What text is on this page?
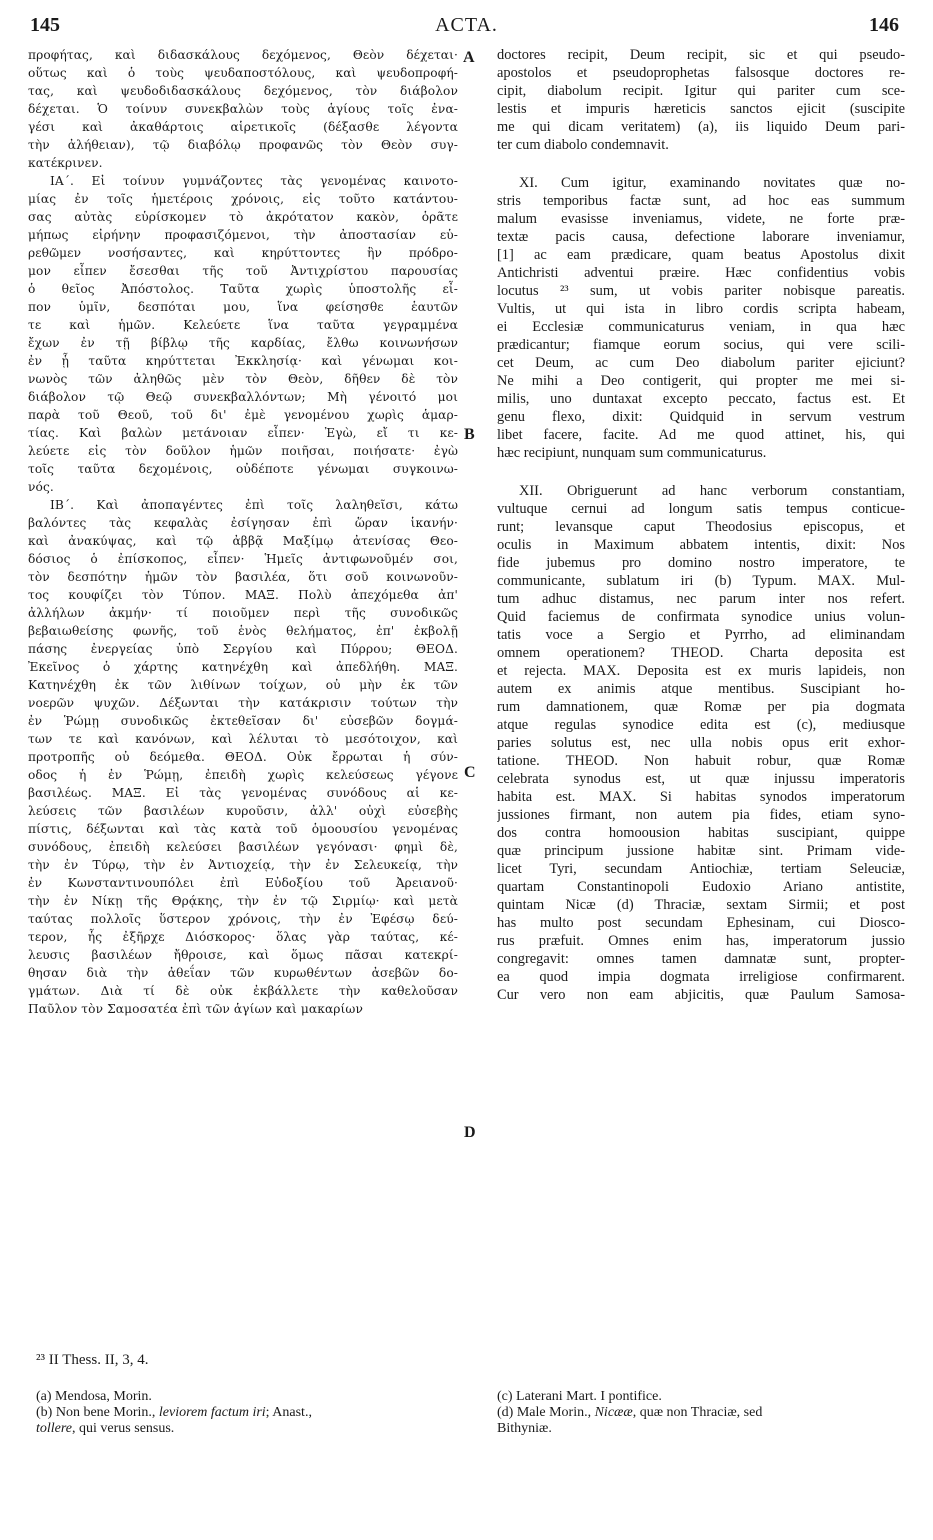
145	ACTA.	146
A
B
C
D
προφήτας, καὶ διδασκάλους δεχόμενος, Θεὸν δέχεται·
οὕτως καὶ ὁ τοὺς ψευδαποστόλους, καὶ ψευδοπροφή-
τας, καὶ ψευδοδιδασκάλους δεχόμενος, τὸν διάβολον
δέχεται. Ὁ τοίνυν συνεκβαλὼν τοὺς ἁγίους τοῖς ἐνα-
γέσι καὶ ἀκαθάρτοις αἱρετικοῖς (δέξασθε λέγοντα
τὴν ἀλήθειαν), τῷ διαβόλῳ προφανῶς τὸν Θεὸν συγ-
κατέκρινεν.
ΙΑ΄. Εἰ τοίνυν γυμνάζοντες τὰς γενομένας καινοτο-
μίας ἐν τοῖς ἡμετέροις χρόνοις, εἰς τοῦτο κατάντου-
σας αὐτὰς εὑρίσκομεν τὸ ἀκρότατον κακὸν, ὁρᾶτε
μήπως εἰρήνην προφασιζόμενοι, τὴν ἀποστασίαν εὑ-
ρεθῶμεν νοσήσαντες, καὶ κηρύττοντες ἣν πρόδρο-
μον εἶπεν ἔσεσθαι τῆς τοῦ Ἀντιχρίστου παρουσίας
ὁ θεῖος Ἀπόστολος. Ταῦτα χωρὶς ὑποστολῆς εἶ-
πον ὑμῖν, δεσπόται μου, ἵνα φείσησθε ἑαυτῶν
τε καὶ ἡμῶν. Κελεύετε ἵνα ταῦτα γεγραμμένα
ἔχων ἐν τῇ βίβλῳ τῆς καρδίας, ἔλθω κοινωνήσων
ἐν ᾗ ταῦτα κηρύττεται Ἐκκλησίᾳ· καὶ γένωμαι κοι-
νωνὸς τῶν ἀληθῶς μὲν τὸν Θεὸν, δῆθεν δὲ τὸν
διάβολον τῷ Θεῷ συνεκβαλλόντων; Μὴ γένοιτό μοι
παρὰ τοῦ Θεοῦ, τοῦ δι' ἐμὲ γενομένου χωρὶς ἁμαρ-
τίας. Καὶ βαλὼν μετάνοιαν εἶπεν· Ἐγὼ, εἴ τι κε-
λεύετε εἰς τὸν δοῦλον ἡμῶν ποιῆσαι, ποιήσατε· ἐγὼ
τοῖς ταῦτα δεχομένοις, οὐδέποτε γένωμαι συγκοινω-
νός.
ΙΒ΄. Καὶ ἀποπαγέντες ἐπὶ τοῖς λαληθεῖσι, κάτω
βαλόντες τὰς κεφαλὰς ἐσίγησαν ἐπὶ ὥραν ἱκανήν·
καὶ ἀνακύψας, καὶ τῷ ἀββᾷ Μαξίμῳ ἀτενίσας Θεο-
δόσιος ὁ ἐπίσκοπος, εἶπεν· Ἡμεῖς ἀντιφωνοῦμέν σοι,
τὸν δεσπότην ἡμῶν τὸν βασιλέα, ὅτι σοῦ κοινωνοῦν-
τος κουφίζει τὸν Τύπον. ΜΑΞ. Πολὺ ἀπεχόμεθα ἀπ'
ἀλλήλων ἀκμήν· τί ποιοῦμεν περὶ τῆς συνοδικῶς
βεβαιωθείσης φωνῆς, τοῦ ἑνὸς θελήματος, ἐπ' ἐκβολῇ
πάσης ἐνεργείας ὑπὸ Σεργίου καὶ Πύρρου; ΘΕΟΔ.
Ἐκεῖνος ὁ χάρτης κατηνέχθη καὶ ἀπεδλήθη. ΜΑΞ.
Κατηνέχθη ἐκ τῶν λιθίνων τοίχων, οὐ μὴν ἐκ τῶν
νοερῶν ψυχῶν. Δέξωνται τὴν κατάκρισιν τούτων τὴν
ἐν Ῥώμῃ συνοδικῶς ἐκτεθεῖσαν δι' εὐσεβῶν δογμά-
των τε καὶ κανόνων, καὶ λέλυται τὸ μεσότοιχον, καὶ
προτροπῆς οὐ δεόμεθα. ΘΕΟΔ. Οὐκ ἔρρωται ἡ σύν-
οδος ἡ ἐν Ῥώμῃ, ἐπειδὴ χωρὶς κελεύσεως γέγονε
βασιλέως. ΜΑΞ. Εἰ τὰς γενομένας συνόδους αἱ κε-
λεύσεις τῶν βασιλέων κυροῦσιν, ἀλλ' οὐχὶ εὐσεβὴς
πίστις, δέξωνται καὶ τὰς κατὰ τοῦ ὁμοουσίου γενομένας
συνόδους, ἐπειδὴ κελεύσει βασιλέων γεγόνασι· φημὶ δὲ,
τὴν ἐν Τύρῳ, τὴν ἐν Ἀντιοχείᾳ, τὴν ἐν Σελευκείᾳ, τὴν
ἐν Κωνσταντινουπόλει ἐπὶ Εὐδοξίου τοῦ Ἀρειανοῦ·
τὴν ἐν Νίκῃ τῆς Θρᾴκης, τὴν ἐν τῷ Σιρμίῳ· καὶ μετὰ
ταύτας πολλοῖς ὕστερον χρόνοις, τὴν ἐν Ἐφέσῳ δεύ-
τερον, ἧς ἐξῆρχε Διόσκορος· ὅλας γὰρ ταύτας, κέ-
λευσις βασιλέων ἤθροισε, καὶ ὅμως πᾶσαι κατεκρί-
θησαν διὰ τὴν ἀθεΐαν τῶν κυρωθέντων ἀσεβῶν δο-
γμάτων. Διὰ τί δὲ οὐκ ἐκβάλλετε τὴν καθελοῦσαν
Παῦλον τὸν Σαμοσατέα ἐπὶ τῶν ἁγίων καὶ μακαρίων
doctores recipit, Deum recipit, sic et qui pseudo-
apostolos et pseudoprophetas falsosque doctores re-
cipit, diabolum recipit. Igitur qui pariter cum sce-
lestis et impuris hæreticis sanctos ejicit (suscipite
me qui dicam veritatem) (a), iis liquido Deum pari-
ter cum diabolo condemnavit.
XI. Cum igitur, examinando novitates quæ no-
stris temporibus factæ sunt, ad hoc eas summum
malum evasisse inveniamus, videte, ne forte præ-
textæ pacis causa, defectione laborare inveniamur,
[1] ac eam prædicare, quam beatus Apostolus dixit
Antichristi adventui præire. Hæc confidentius vobis
locutus ²³ sum, ut vobis pariter nobisque pareatis.
Vultis, ut qui ista in libro cordis scripta habeam,
ei Ecclesiæ communicaturus veniam, in qua hæc
prædicantur; fiamque eorum socius, qui vere scili-
cet Deum, ac cum Deo diabolum pariter ejiciunt?
Ne mihi a Deo contigerit, qui propter me mei si-
milis, uno duntaxat excepto peccato, factus est. Et
genu flexo, dixit: Quidquid in servum vestrum
libet facere, facite. Ad me quod attinet, his, qui
hæc recipiunt, nunquam sum communicaturus.
XII. Obriguerunt ad hanc verborum constantiam,
vultuque cernui ad longum satis tempus conticue-
runt; levansque caput Theodosius episcopus, et
oculis in Maximum abbatem intentis, dixit: Nos
fide jubemus pro domino nostro imperatore, te
communicante, sublatum iri (b) Typum. MAX. Mul-
tum adhuc distamus, nec parum inter nos refert.
Quid faciemus de confirmata synodice unius volun-
tatis voce a Sergio et Pyrrho, ad eliminandam
omnem operationem? THEOD. Charta deposita est
et rejecta. MAX. Deposita est ex muris lapideis, non
autem ex animis atque mentibus. Suscipiant ho-
rum damnationem, quæ Romæ per pia dogmata
atque regulas synodice edita est (c), mediusque
paries solutus est, nec ulla nobis opus erit exhor-
tatione. THEOD. Non habuit robur, quæ Romæ
celebrata synodus est, ut quæ injussu imperatoris
habita est. MAX. Si habitas synodos imperatorum
jussiones firmant, non autem pia fides, etiam syno-
dos contra homoousion habitas suscipiant, quippe
quæ principum jussione habitæ sint. Primam vide-
licet Tyri, secundam Antiochiæ, tertiam Seleuciæ,
quartam Constantinopoli Eudoxio Ariano antistite,
quintam Nicæ (d) Thraciæ, sextam Sirmii; et post
has multo post secundam Ephesinam, cui Diosco-
rus præfuit. Omnes enim has, imperatorum jussio
congregavit: omnes tamen damnatæ sunt, propter-
ea quod impia dogmata irreligiose confirmarent.
Cur vero non eam abjicitis, quæ Paulum Samosa-
²³ II Thess. II, 3, 4.
(a) Mendosa, Morin.
(b) Non bene Morin., leviorem factum iri; Anast.,
tollere, qui verus sensus.
(c) Laterani Mart. I pontifice.
(d) Male Morin., Nicææ, quæ non Thraciæ, sed
Bithyniæ.
